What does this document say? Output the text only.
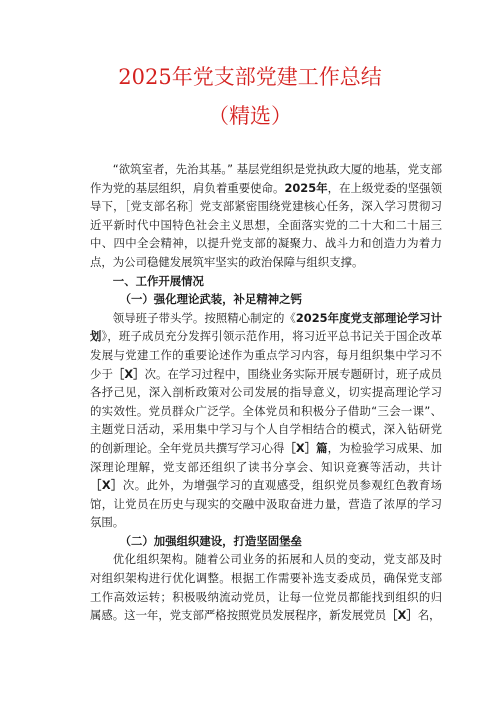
2025年党支部党建工作总结
（精选）

“欲筑室者，先治其基。” 基层党组织是党执政大厦的地基，党支部作为党的基层组织，肩负着重要使命。2025年，在上级党委的坚强领导下，［党支部名称］党支部紧密围绕党建核心任务，深入学习贯彻习近平新时代中国特色社会主义思想，全面落实党的二十大和二十届三中、四中全会精神，以提升党支部的凝聚力、战斗力和创造力为着力点，为公司稳健发展筑牢坚实的政治保障与组织支撑。

一、工作开展情况

（一）强化理论武装，补足精神之钙

领导班子带头学。按照精心制定的《2025年度党支部理论学习计划》，班子成员充分发挥引领示范作用，将习近平总书记关于国企改革发展与党建工作的重要论述作为重点学习内容，每月组织集中学习不少于［X］次。在学习过程中，围绕业务实际开展专题研讨，班子成员各抒己见，深入剖析政策对公司发展的指导意义，切实提高理论学习的实效性。党员群众广泛学。全体党员和积极分子借助“三会一课”、主题党日活动，采用集中学习与个人自学相结合的模式，深入钻研党的创新理论。全年党员共撰写学习心得［X］篇，为检验学习成果、加深理论理解，党支部还组织了读书分享会、知识竞赛等活动，共计［X］次。此外，为增强学习的直观感受，组织党员参观红色教育场馆，让党员在历史与现实的交融中汲取奋进力量，营造了浓厚的学习氛围。

（二）加强组织建设，打造坚固堡垒

优化组织架构。随着公司业务的拓展和人员的变动，党支部及时对组织架构进行优化调整。根据工作需要补选支委成员，确保党支部工作高效运转；积极吸纳流动党员，让每一位党员都能找到组织的归属感。这一年，党支部严格按照党员发展程序，新发展党员［X］名，
